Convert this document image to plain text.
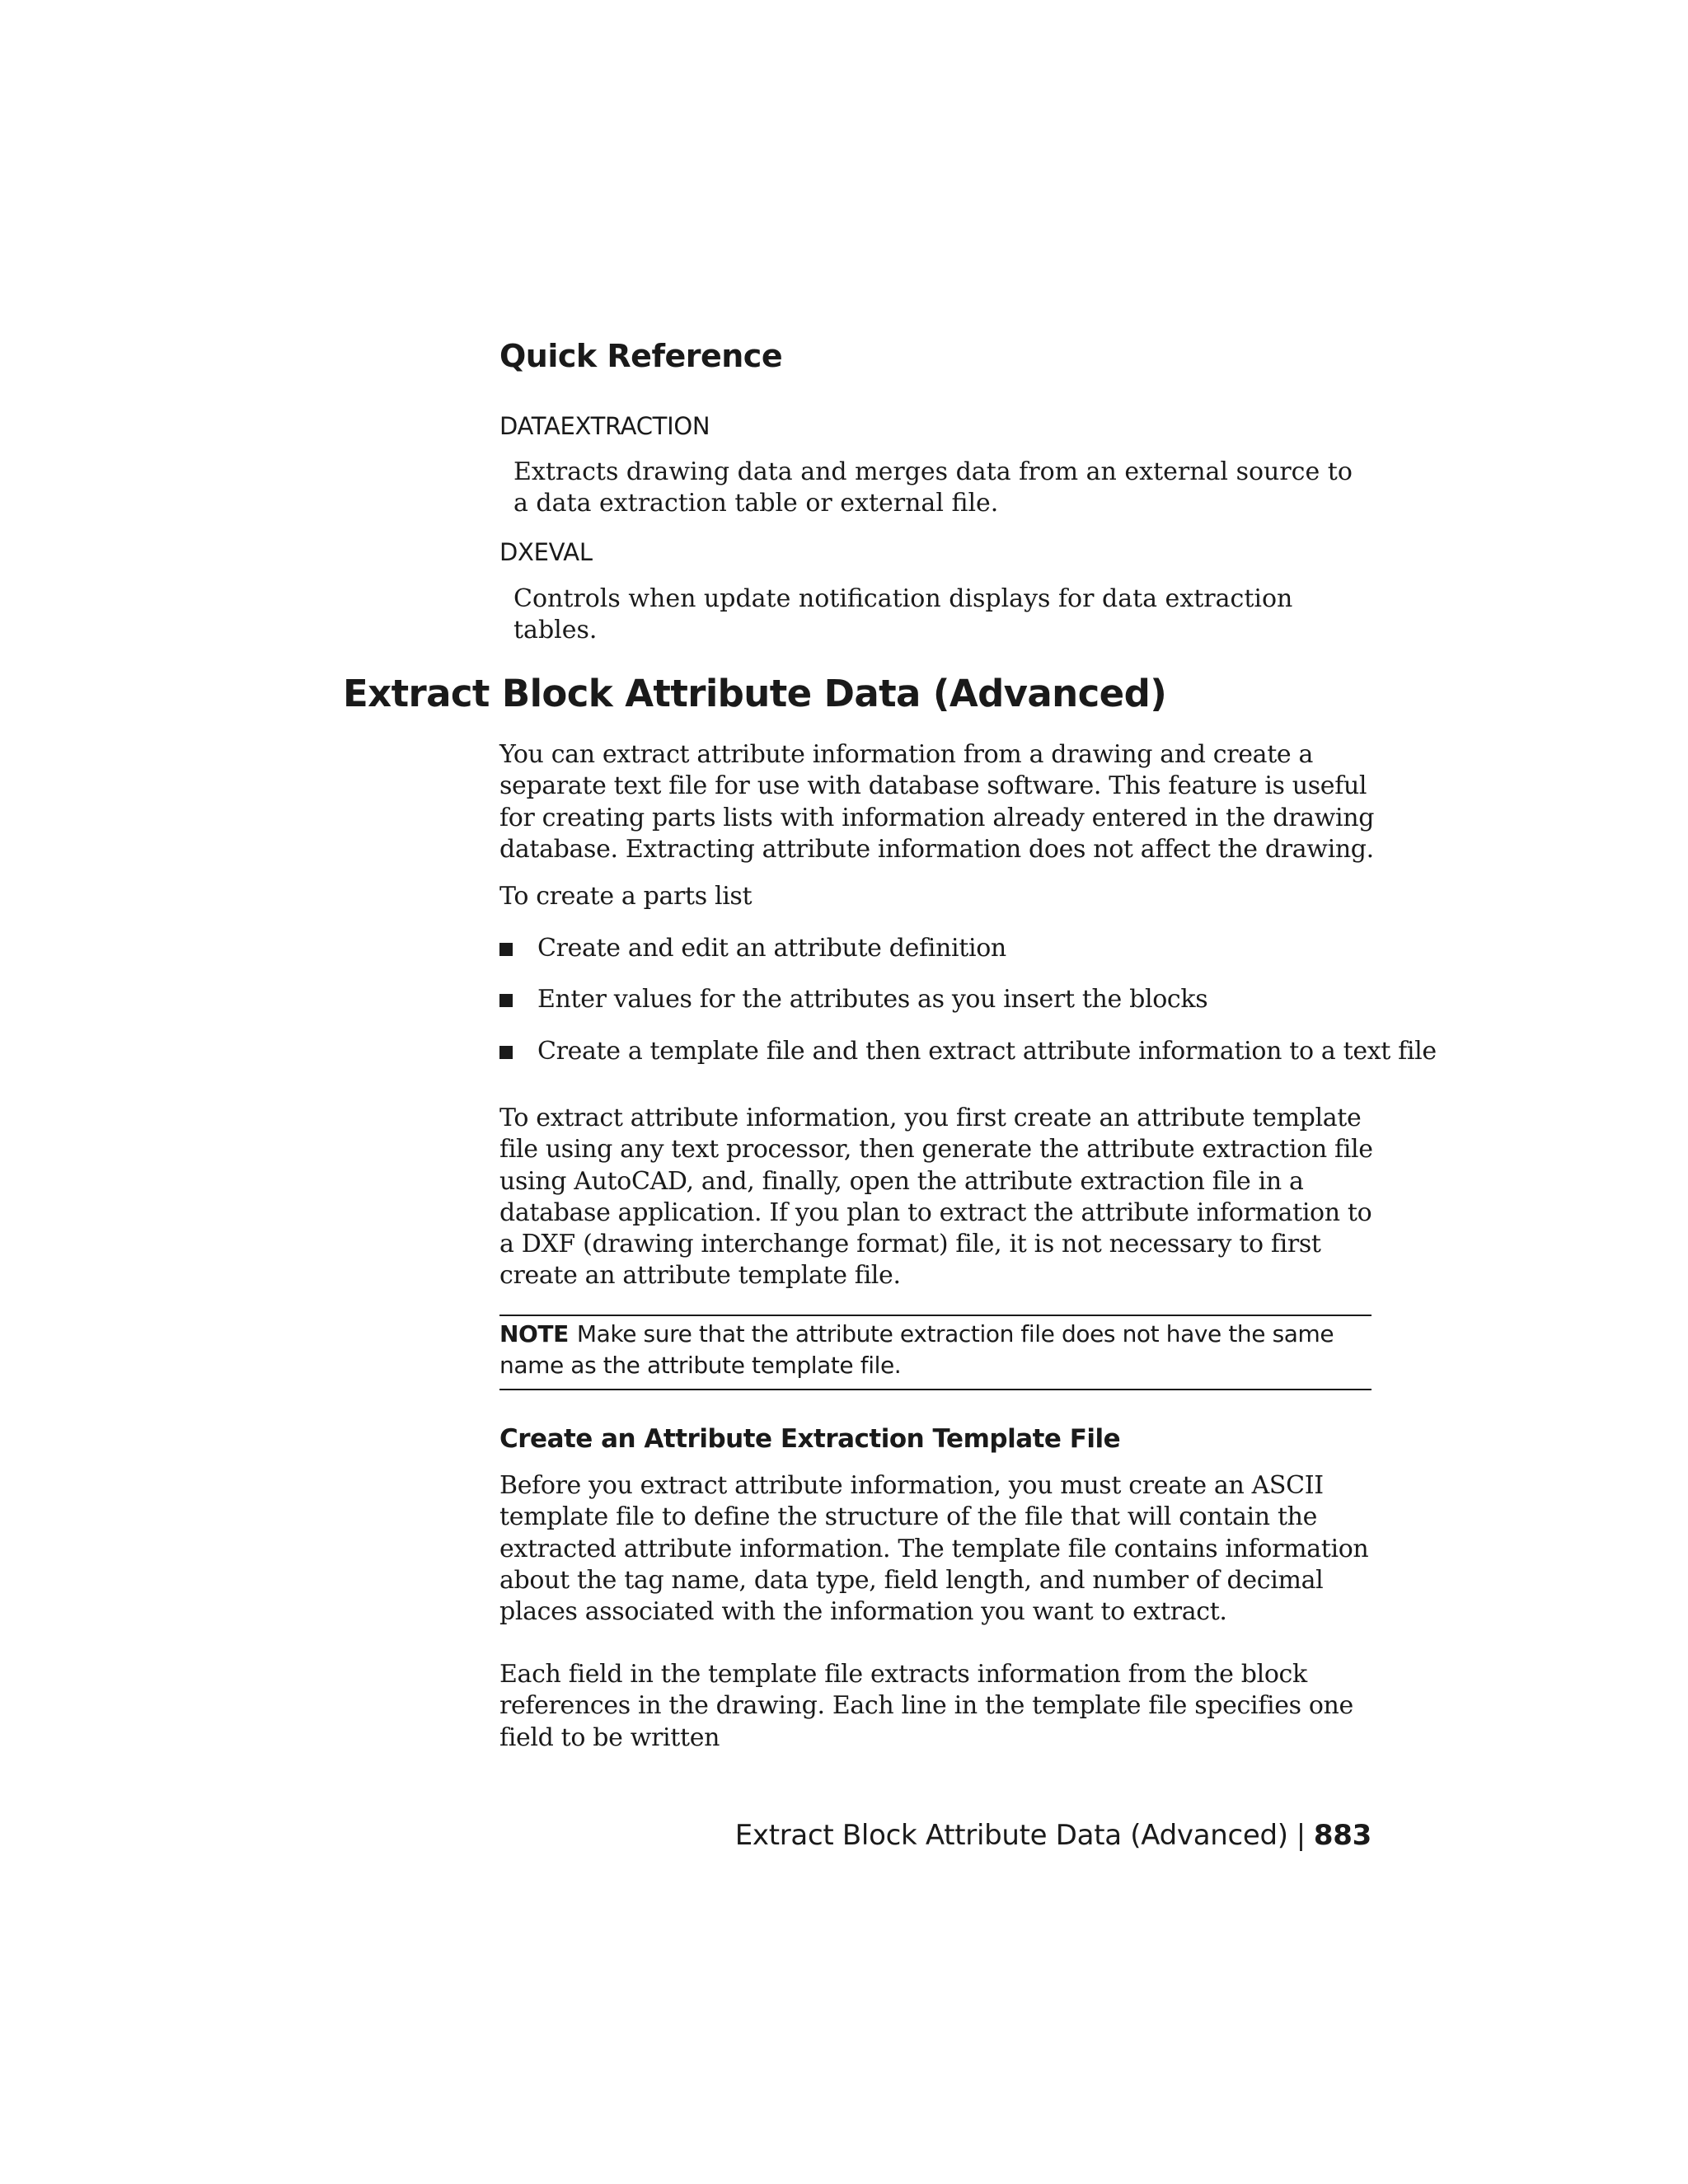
Quick Reference
DATAEXTRACTION
Extracts drawing data and merges data from an external source to a data extraction table or external file.
DXEVAL
Controls when update notification displays for data extraction tables.
Extract Block Attribute Data (Advanced)
You can extract attribute information from a drawing and create a separate text file for use with database software. This feature is useful for creating parts lists with information already entered in the drawing database. Extracting attribute information does not affect the drawing.
To create a parts list
Create and edit an attribute definition
Enter values for the attributes as you insert the blocks
Create a template file and then extract attribute information to a text file
To extract attribute information, you first create an attribute template file using any text processor, then generate the attribute extraction file using AutoCAD, and, finally, open the attribute extraction file in a database application. If you plan to extract the attribute information to a DXF (drawing interchange format) file, it is not necessary to first create an attribute template file.
NOTE Make sure that the attribute extraction file does not have the same name as the attribute template file.
Create an Attribute Extraction Template File
Before you extract attribute information, you must create an ASCII template file to define the structure of the file that will contain the extracted attribute information. The template file contains information about the tag name, data type, field length, and number of decimal places associated with the information you want to extract.
Each field in the template file extracts information from the block references in the drawing. Each line in the template file specifies one field to be written
Extract Block Attribute Data (Advanced) | 883
